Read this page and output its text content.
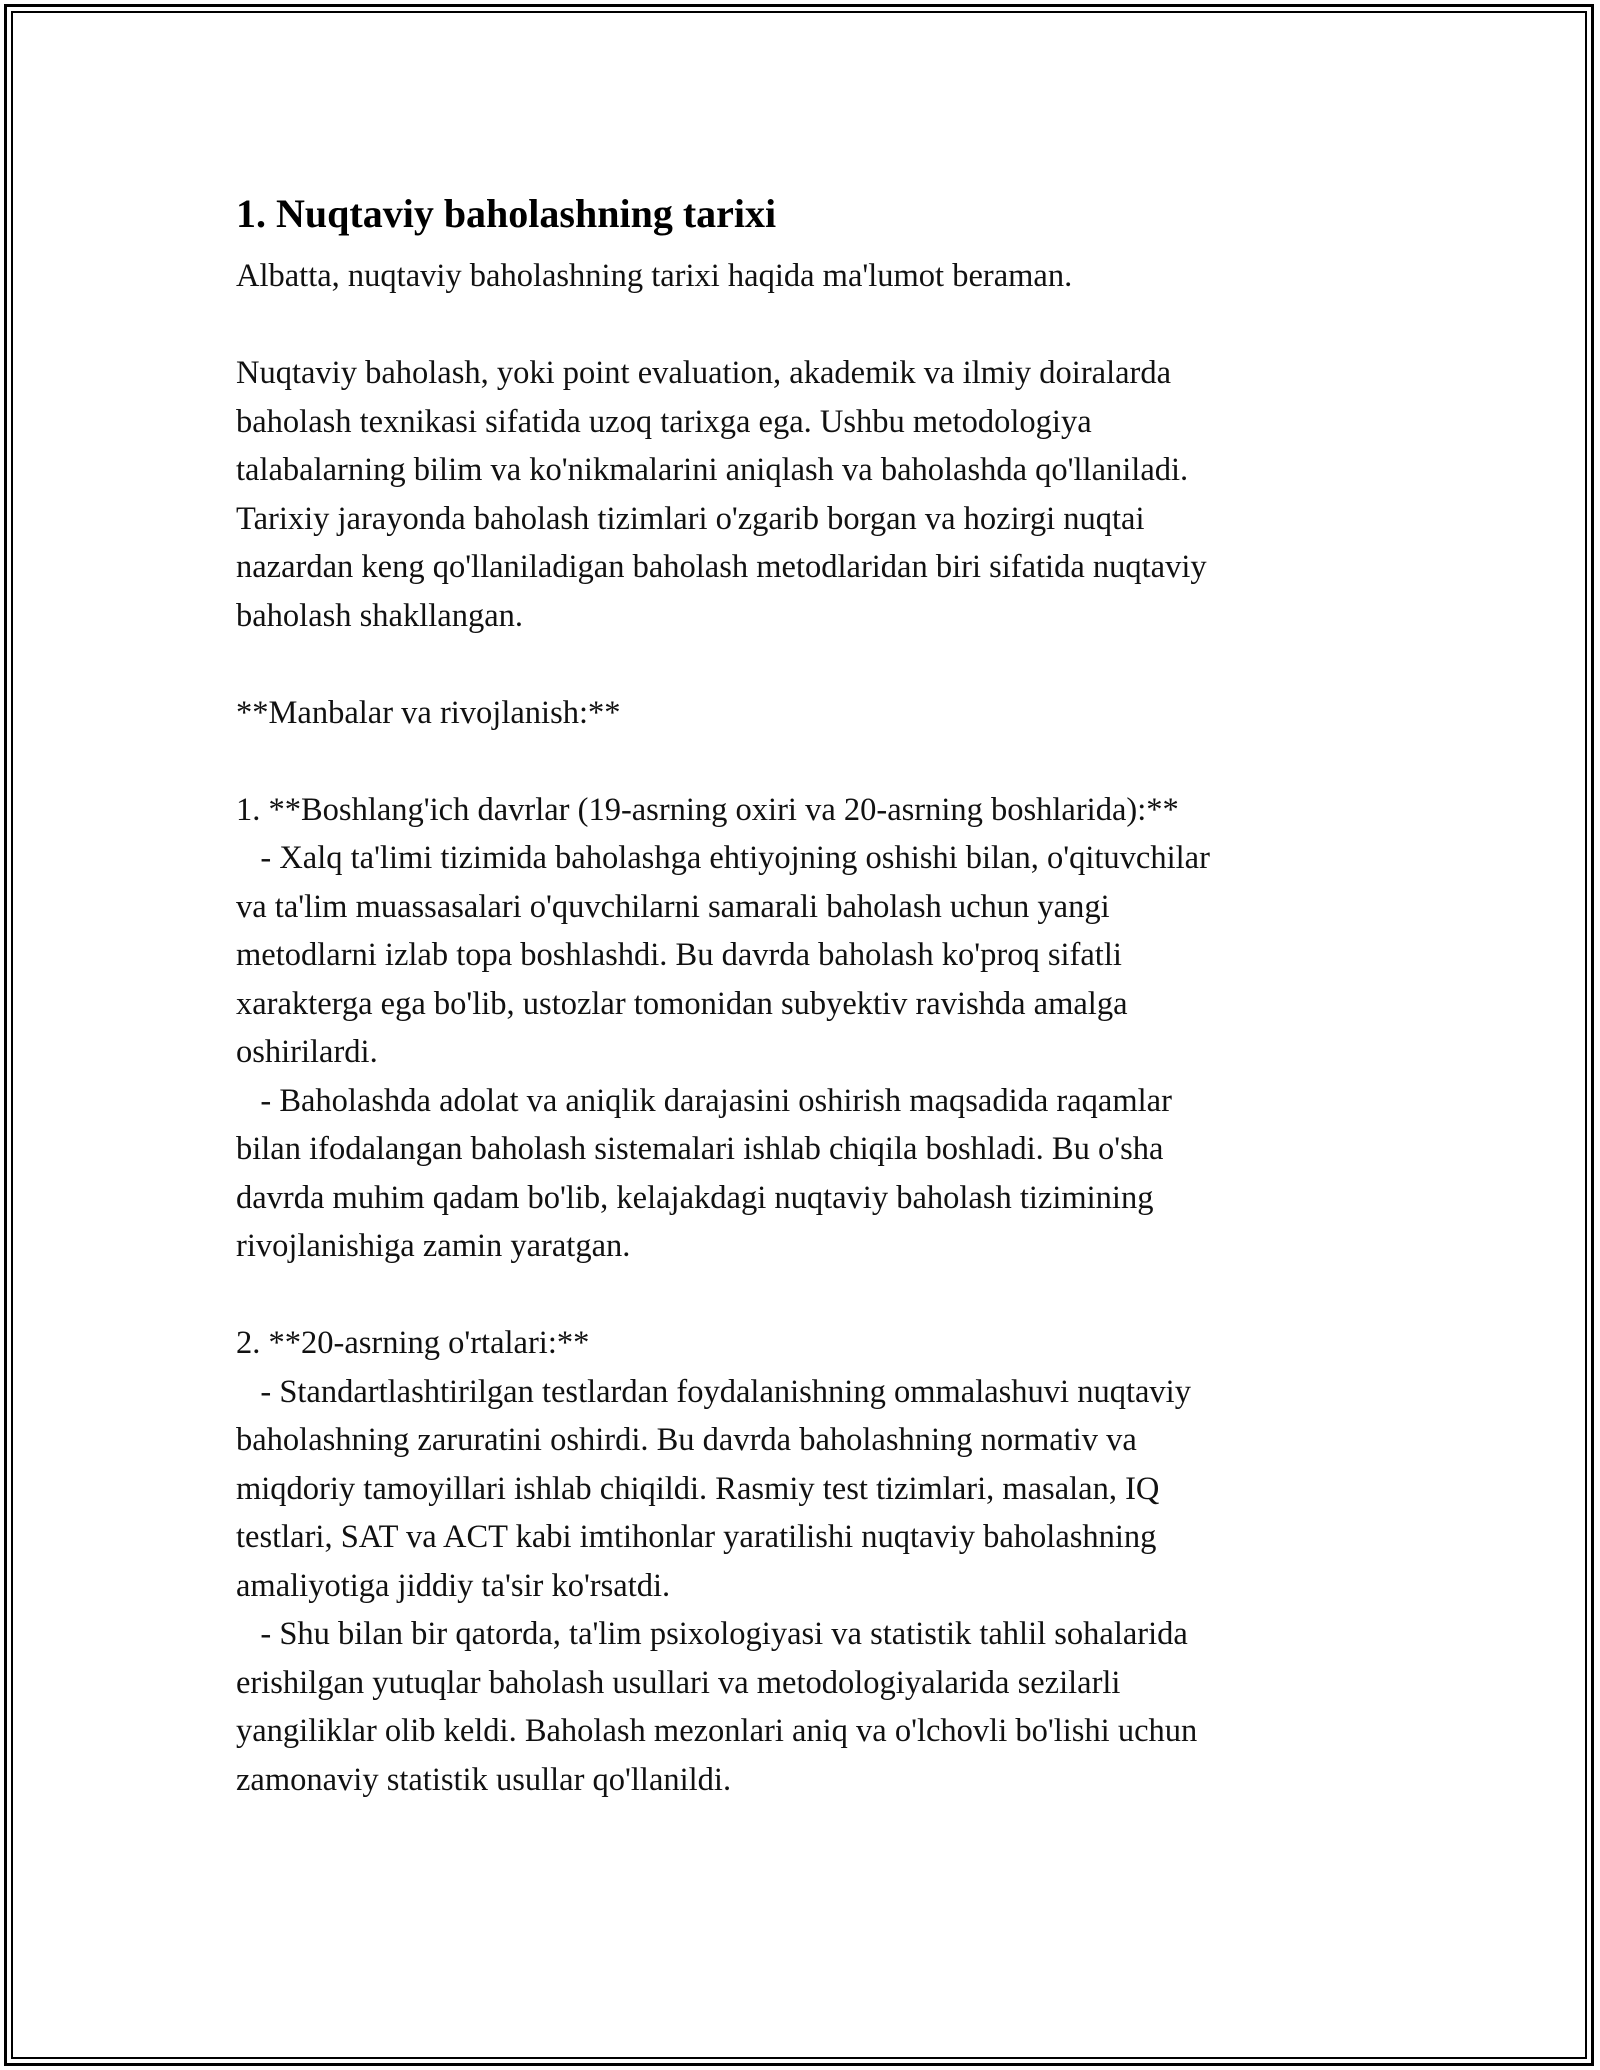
1. Nuqtaviy baholashning tarixi

Albatta, nuqtaviy baholashning tarixi haqida ma'lumot beraman.

Nuqtaviy baholash, yoki point evaluation, akademik va ilmiy doiralarda
baholash texnikasi sifatida uzoq tarixga ega. Ushbu metodologiya
talabalarning bilim va ko'nikmalarini aniqlash va baholashda qo'llaniladi.
Tarixiy jarayonda baholash tizimlari o'zgarib borgan va hozirgi nuqtai
nazardan keng qo'llaniladigan baholash metodlaridan biri sifatida nuqtaviy
baholash shakllangan.

**Manbalar va rivojlanish:**

1. **Boshlang'ich davrlar (19-asrning oxiri va 20-asrning boshlarida):**

- Xalq ta'limi tizimida baholashga ehtiyojning oshishi bilan, o'qituvchilar
va ta'lim muassasalari o'quvchilarni samarali baholash uchun yangi
metodlarni izlab topa boshlashdi. Bu davrda baholash ko'proq sifatli
xarakterga ega bo'lib, ustozlar tomonidan subyektiv ravishda amalga
oshirilardi.

- Baholashda adolat va aniqlik darajasini oshirish maqsadida raqamlar
bilan ifodalangan baholash sistemalari ishlab chiqila boshladi. Bu o'sha
davrda muhim qadam bo'lib, kelajakdagi nuqtaviy baholash tizimining
rivojlanishiga zamin yaratgan.

2. **20-asrning o'rtalari:**

- Standartlashtirilgan testlardan foydalanishning ommalashuvi nuqtaviy
baholashning zaruratini oshirdi. Bu davrda baholashning normativ va
miqdoriy tamoyillari ishlab chiqildi. Rasmiy test tizimlari, masalan, IQ
testlari, SAT va ACT kabi imtihonlar yaratilishi nuqtaviy baholashning
amaliyotiga jiddiy ta'sir ko'rsatdi.

- Shu bilan bir qatorda, ta'lim psixologiyasi va statistik tahlil sohalarida
erishilgan yutuqlar baholash usullari va metodologiyalarida sezilarli
yangiliklar olib keldi. Baholash mezonlari aniq va o'lchovli bo'lishi uchun
zamonaviy statistik usullar qo'llanildi.
